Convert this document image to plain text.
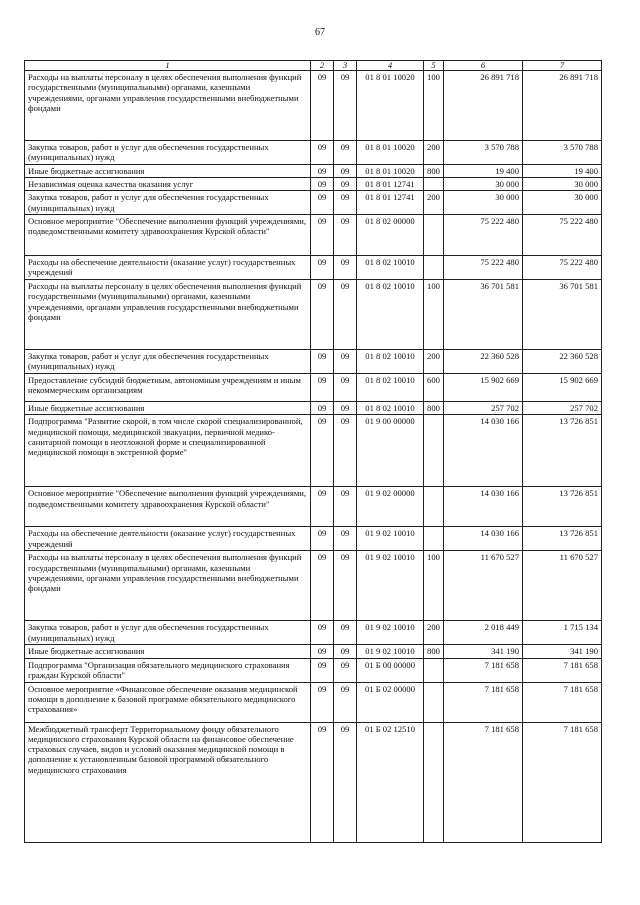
67
1	2	3	4	5	6	7
Расходы на выплаты персоналу в целях обеспечения выполнения функций государственными (муниципальными) органами, казенными учреждениями, органами управления государственными внебюджетными фондами	09	09	01 8 01 10020	100	26 891 718	26 891 718
Закупка товаров, работ и услуг для обеспечения государственных (муниципальных) нужд	09	09	01 8 01 10020	200	3 570 788	3 570 788
Иные бюджетные ассигнования	09	09	01 8 01 10020	800	19 400	19 400
Независимая оценка качества оказания услуг	09	09	01 8 01 12741		30 000	30 000
Закупка товаров, работ и услуг для обеспечения государственных (муниципальных) нужд	09	09	01 8 01 12741	200	30 000	30 000
Основное мероприятие "Обеспечение выполнения функций учреждениями, подведомственными комитету здравоохранения Курской области"	09	09	01 8 02 00000		75 222 480	75 222 480
Расходы на обеспечение деятельности (оказание услуг) государственных учреждений	09	09	01 8 02 10010		75 222 480	75 222 480
Расходы на выплаты персоналу в целях обеспечения выполнения функций государственными (муниципальными) органами, казенными учреждениями, органами управления государственными внебюджетными фондами	09	09	01 8 02 10010	100	36 701 581	36 701 581
Закупка товаров, работ и услуг для обеспечения государственных (муниципальных) нужд	09	09	01 8 02 10010	200	22 360 528	22 360 528
Предоставление субсидий бюджетным, автономным учреждениям и иным некоммерческим организациям	09	09	01 8 02 10010	600	15 902 669	15 902 669
Иные бюджетные ассигнования	09	09	01 8 02 10010	800	257 702	257 702
Подпрограмма "Развитие скорой, в том числе скорой специализированной, медицинской помощи, медицинской эвакуации, первичной медико-санитарной помощи в неотложной форме и специализированной медицинской помощи в экстренной форме"	09	09	01 9 00 00000		14 030 166	13 726 851
Основное мероприятие "Обеспечение выполнения функций учреждениями, подведомственными комитету здравоохранения Курской области"	09	09	01 9 02 00000		14 030 166	13 726 851
Расходы на обеспечение деятельности (оказание услуг) государственных учреждений	09	09	01 9 02 10010		14 030 166	13 726 851
Расходы на выплаты персоналу в целях обеспечения выполнения функций государственными (муниципальными) органами, казенными учреждениями, органами управления государственными внебюджетными фондами	09	09	01 9 02 10010	100	11 670 527	11 670 527
Закупка товаров, работ и услуг для обеспечения государственных (муниципальных) нужд	09	09	01 9 02 10010	200	2 018 449	1 715 134
Иные бюджетные ассигнования	09	09	01 9 02 10010	800	341 190	341 190
Подпрограмма "Организация обязательного медицинского страхования граждан Курской области"	09	09	01 Б 00 00000		7 181 658	7 181 658
Основное мероприятие «Финансовое обеспечение оказания медицинской помощи в дополнение к базовой программе обязательного медицинского страхования»	09	09	01 Б 02 00000		7 181 658	7 181 658
Межбюджетный трансферт Территориальному фонду обязательного медицинского страхования Курской области на финансовое обеспечение страховых случаев, видов и условий оказания медицинской помощи в дополнение к установленным базовой программой обязательного медицинского страхования	09	09	01 Б 02 12510		7 181 658	7 181 658
